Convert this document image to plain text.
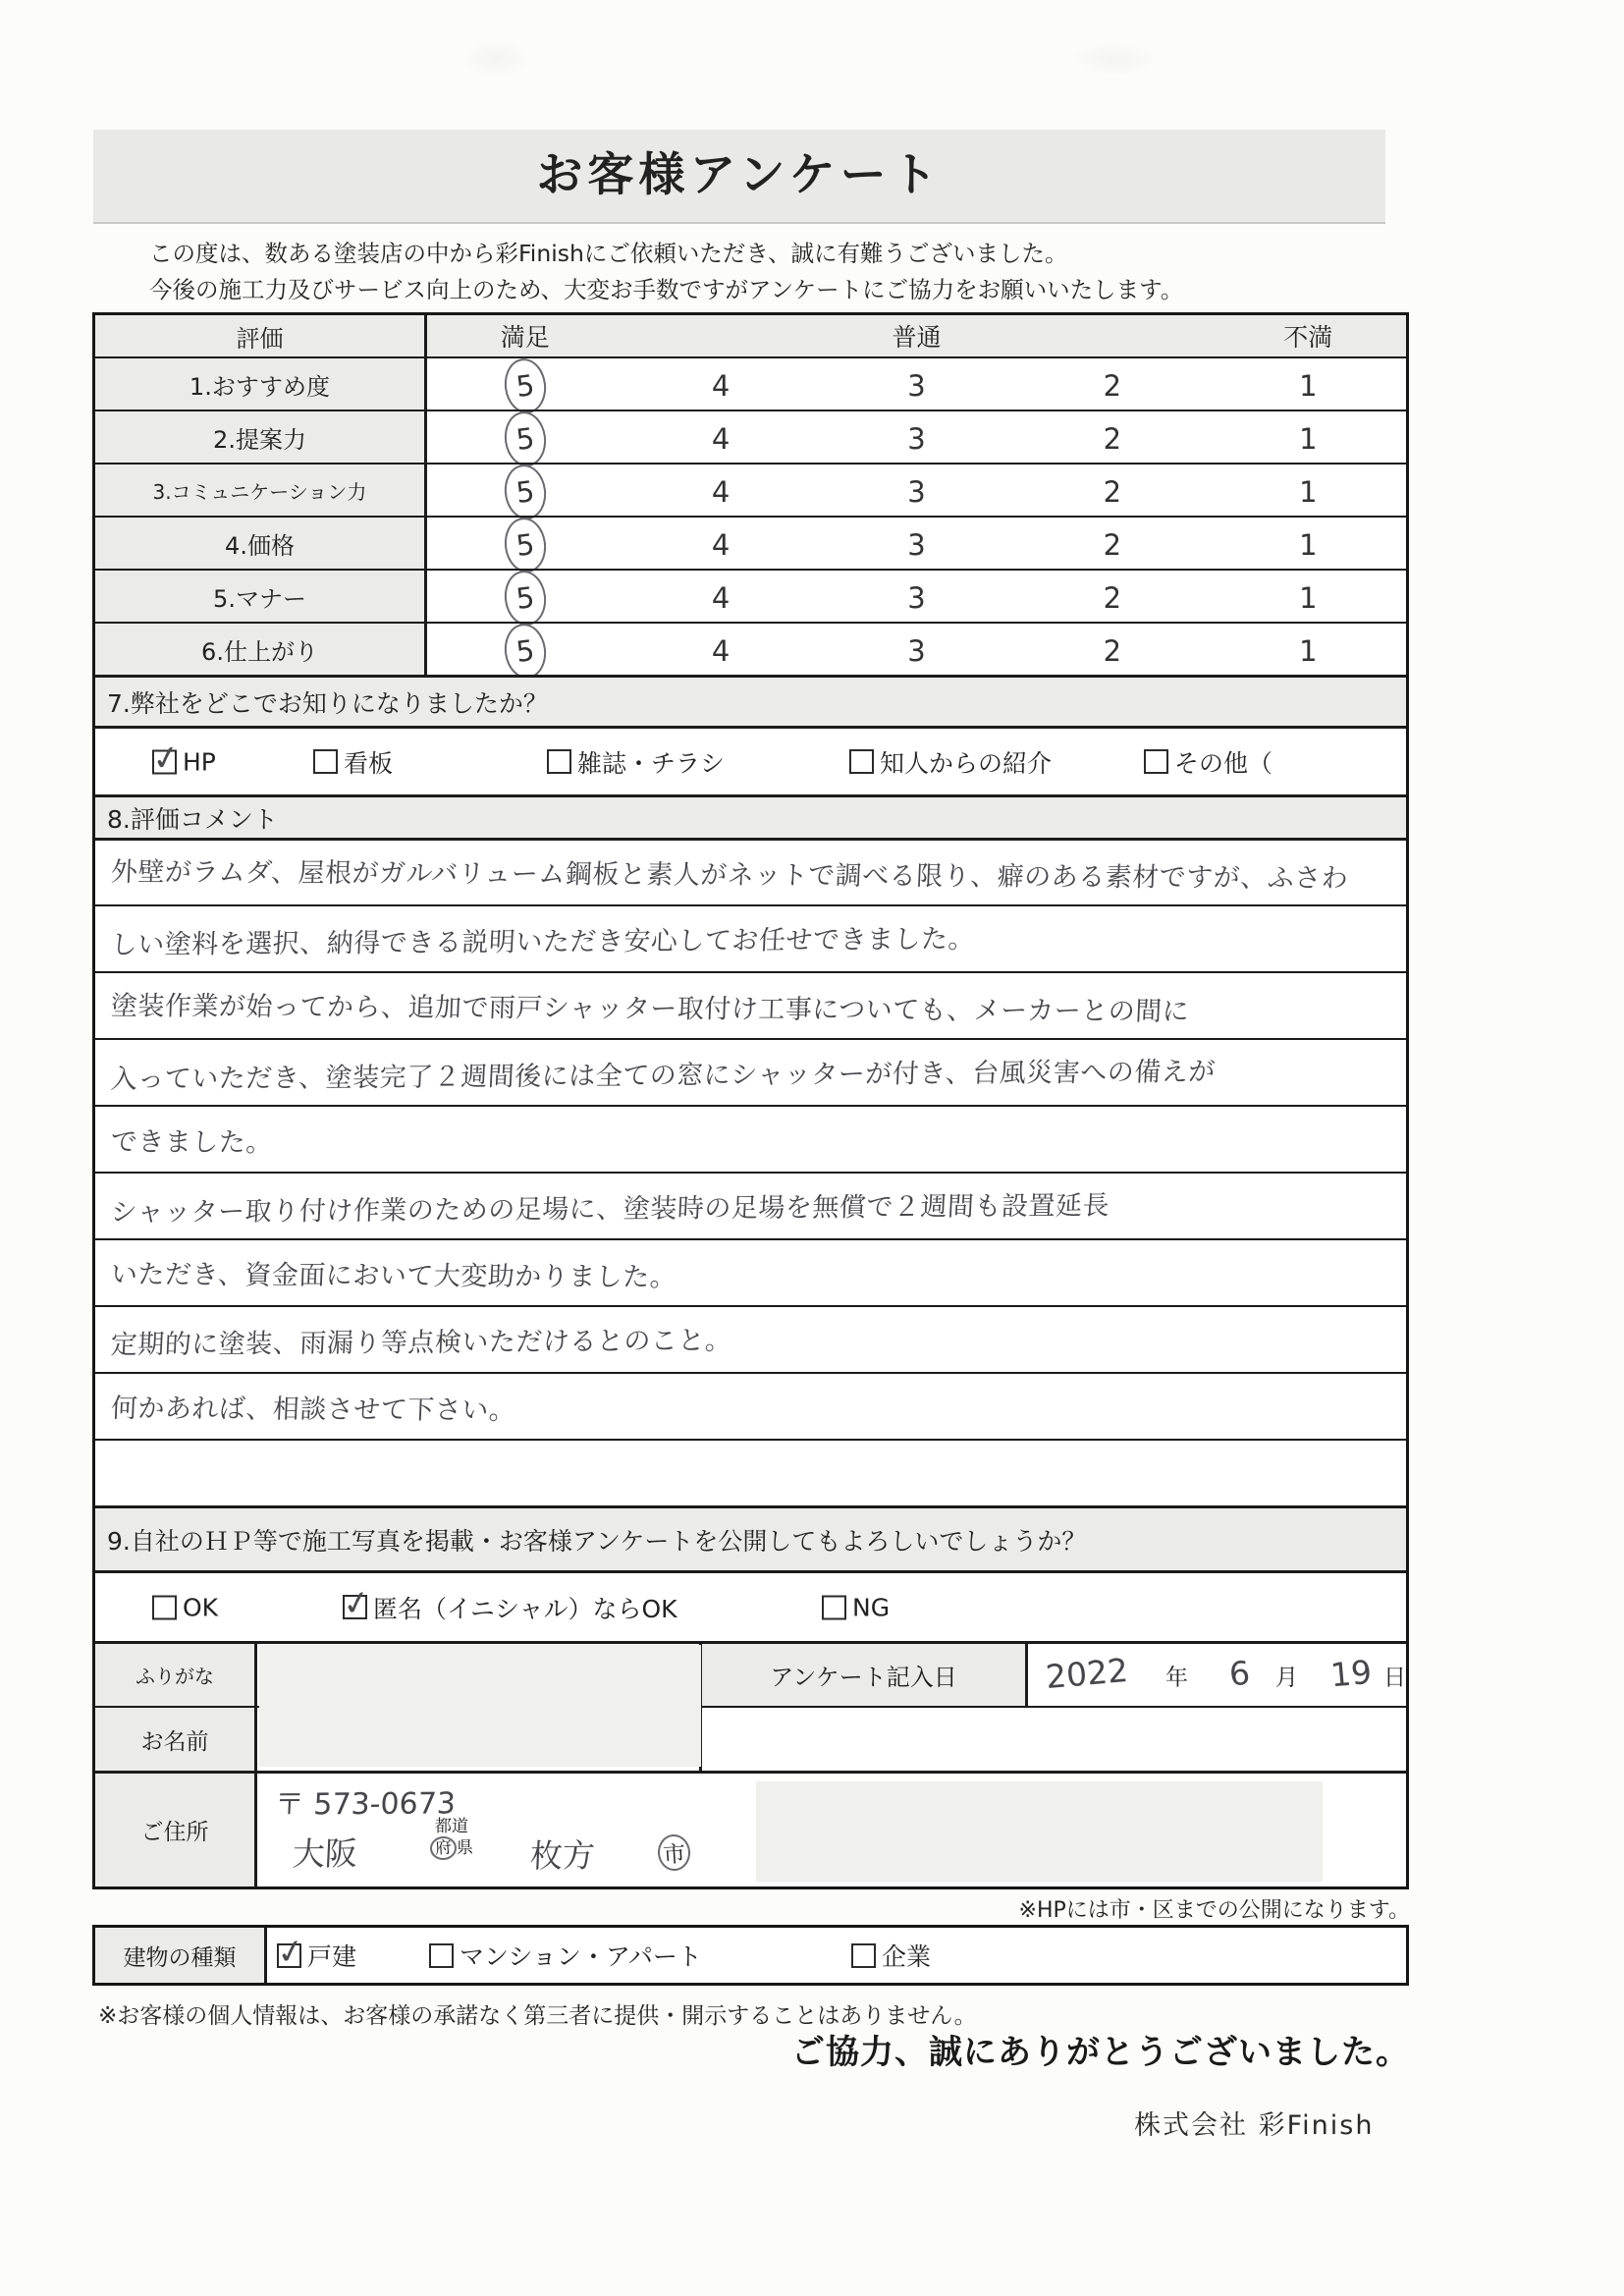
お客様アンケート
この度は、数ある塗装店の中から彩Finishにご依頼いただき、誠に有難うございました。
今後の施工力及びサービス向上のため、大変お手数ですがアンケートにご協力をお願いいたします。
評価	満足	普通	不満
1.おすすめ度	5	4	3	2	1
2.提案力	5	4	3	2	1
3.コミュニケーション力	5	4	3	2	1
4.価格	5	4	3	2	1
5.マナー	5	4	3	2	1
6.仕上がり	5	4	3	2	1
7.弊社をどこでお知りになりましたか？
✓ HP	看板	雑誌・チラシ	知人からの紹介	その他（
8.評価コメント
外壁がラムダ、屋根がガルバリューム鋼板と素人がネットで調べる限り、癖のある素材ですが、ふさわ
しい塗料を選択、納得できる説明いただき安心してお任せできました。
塗装作業が始ってから、追加で雨戸シャッター取付け工事についても、メーカーとの間に
入っていただき、塗装完了２週間後には全ての窓にシャッターが付き、台風災害への備えが
できました。
シャッター取り付け作業のための足場に、塗装時の足場を無償で２週間も設置延長
いただき、資金面において大変助かりました。
定期的に塗装、雨漏り等点検いただけるとのこと。
何かあれば、相談させて下さい。
9.自社のＨＰ等で施工写真を掲載・お客様アンケートを公開してもよろしいでしょうか？
OK	✓ 匿名（イニシャル）ならOK	NG
ふりがな	アンケート記入日	2022 年 6 月 19 日
お名前
ご住所
〒 573-0673
大阪
都道
府 県 枚方	市
※HPには市・区までの公開になります。
建物の種類	✓ 戸建	マンション・アパート	企業
※お客様の個人情報は、お客様の承諾なく第三者に提供・開示することはありません。
ご協力、誠にありがとうございました。
株式会社 彩Finish
